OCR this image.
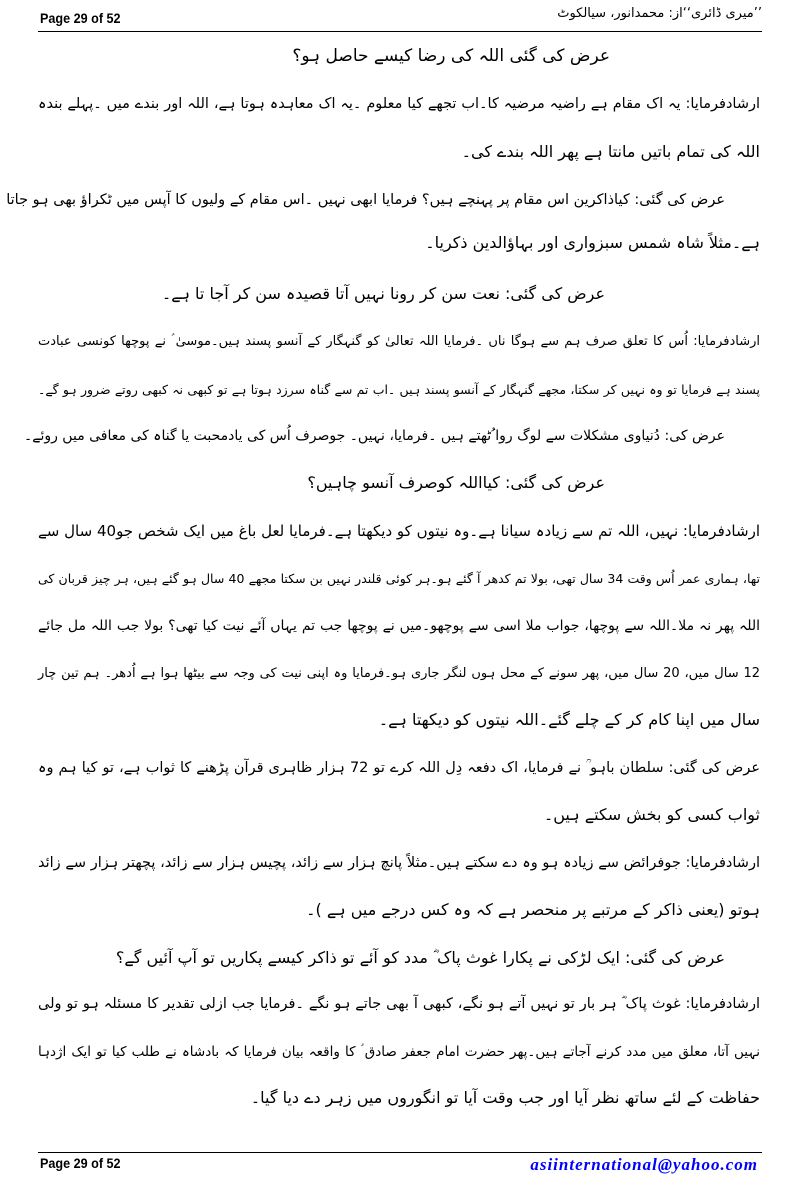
Page 29 of 52	’’میری ڈائری‘‘از: محمدانور، سیالکوٹ
عرض کی گئی اللہ کی رضا کیسے حاصل ہو؟
ارشادفرمایا: یہ اک مقام ہے راضیہ مرضیہ کا۔اب تجھے کیا معلوم ۔یہ اک معاہدہ ہوتا ہے، اللہ اور بندے میں ۔پہلے بندہ
اللہ کی تمام باتیں مانتا ہے پھر اللہ بندے کی۔
عرض کی گئی: کیاذاکرین اس مقام پر پہنچے ہیں؟ فرمایا ابھی نہیں ۔اس مقام کے ولیوں کا آپس میں ٹکراؤ بھی ہو جاتا
ہے۔مثلاً شاہ شمس سبزواری اور بہاؤالدین ذکریا۔
عرض کی گئی: نعت سن کر رونا نہیں آتا قصیدہ سن کر آجا تا ہے۔
ارشادفرمایا: اُس کا تعلق صرف ہم سے ہوگا ناں ۔فرمایا اللہ تعالیٰ کو گنہگار کے آنسو پسند ہیں۔موسیٰ ؑ نے پوچھا کونسی عبادت
پسند ہے فرمایا تو وہ نہیں کر سکتا، مجھے گنہگار کے آنسو پسند ہیں ۔اب تم سے گناہ سرزد ہوتا ہے تو کبھی نہ کبھی روتے ضرور ہو گے۔
عرض کی: دُنیاوی مشکلات سے لوگ روا ُٹھتے ہیں ۔فرمایا، نہیں۔ جوصرف اُس کی یادمحبت یا گناہ کی معافی میں روئے۔
عرض کی گئی: کیااللہ کوصرف آنسو چاہیں؟
ارشادفرمایا: نہیں، اللہ تم سے زیادہ سیانا ہے۔وہ نیتوں کو دیکھتا ہے۔فرمایا لعل باغ میں ایک شخص جو40 سال سے
تھا، ہماری عمر اُس وقت 34 سال تھی، بولا تم کدھر آ گئے ہو۔ہر کوئی قلندر نہیں بن سکتا مجھے 40 سال ہو گئے ہیں، ہر چیز قربان کی
اللہ پھر نہ ملا۔اللہ سے پوچھا، جواب ملا اسی سے پوچھو۔میں نے پوچھا جب تم یہاں آئے نیت کیا تھی؟ بولا جب اللہ مل جائے
12 سال میں، 20 سال میں، پھر سونے کے محل ہوں لنگر جاری ہو۔فرمایا وہ اپنی نیت کی وجہ سے بیٹھا ہوا ہے اُدھر۔ ہم تین چار
سال میں اپنا کام کر کے چلے گئے۔اللہ نیتوں کو دیکھتا ہے۔
عرض کی گئی: سلطان باہو ؒ نے فرمایا، اک دفعہ دِل اللہ کرے تو 72 ہزار ظاہری قرآن پڑھنے کا ثواب ہے، تو کیا ہم وہ
ثواب کسی کو بخش سکتے ہیں۔
ارشادفرمایا: جوفرائض سے زیادہ ہو وہ دے سکتے ہیں۔مثلاً پانچ ہزار سے زائد، پچیس ہزار سے زائد، پچھتر ہزار سے زائد
ہوتو (یعنی ذاکر کے مرتبے پر منحصر ہے کہ وہ کس درجے میں ہے )۔
عرض کی گئی: ایک لڑکی نے پکارا غوث پاک ؓ مدد کو آئے تو ذاکر کیسے پکاریں تو آپ آئیں گے؟
ارشادفرمایا: غوث پاک ؓ ہر بار تو نہیں آتے ہو نگے، کبھی آ بھی جاتے ہو نگے ۔فرمایا جب ازلی تقدیر کا مسئلہ ہو تو ولی
نہیں آتا، معلق میں مدد کرنے آجاتے ہیں۔پھر حضرت امام جعفر صادق ؑ کا واقعہ بیان فرمایا کہ بادشاہ نے طلب کیا تو ایک اژدہا
حفاظت کے لئے ساتھ نظر آیا اور جب وقت آیا تو انگوروں میں زہر دے دیا گیا۔
Page 29 of 52	asiinternational@yahoo.com
